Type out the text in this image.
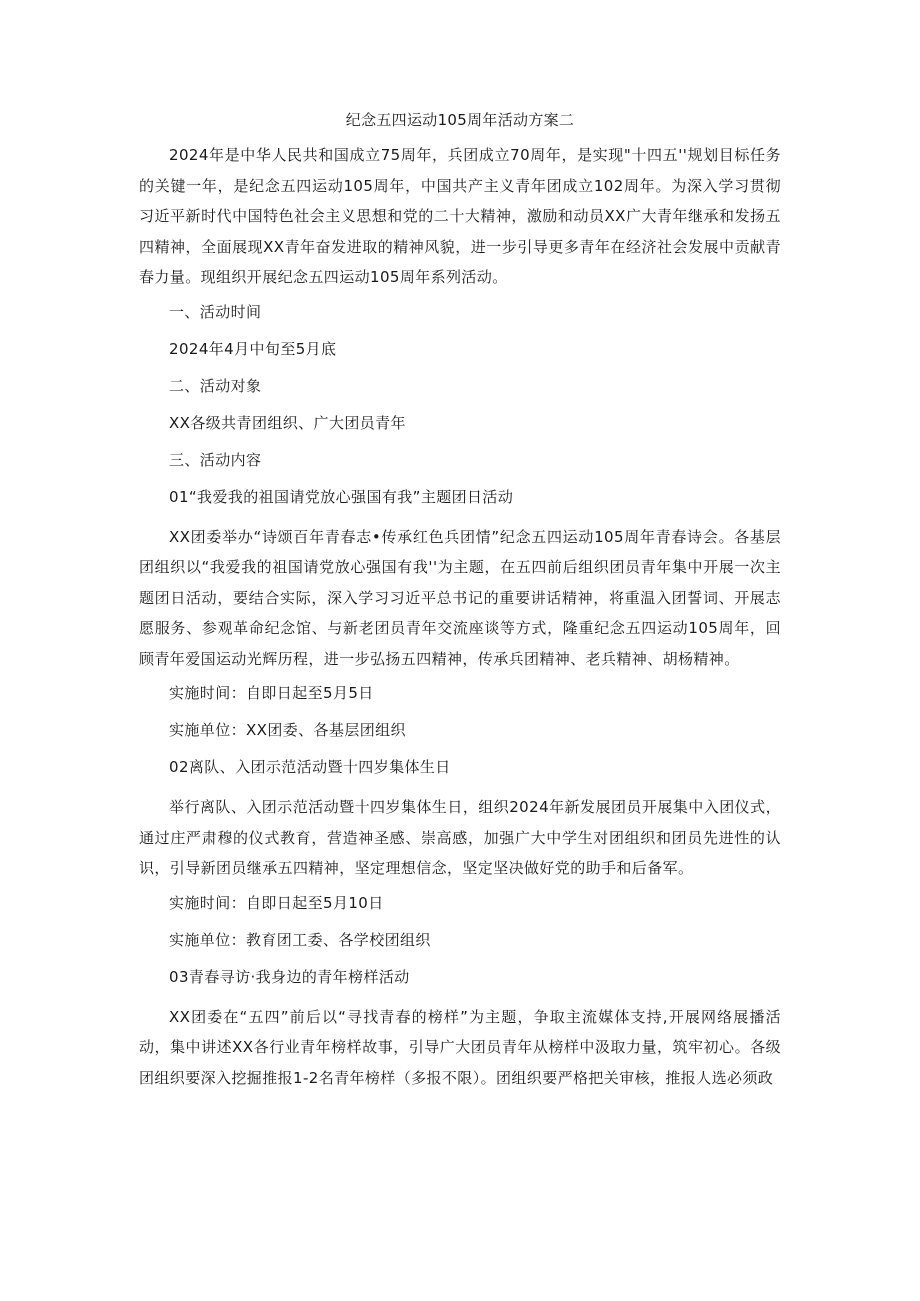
纪念五四运动105周年活动方案二
2024年是中华人民共和国成立75周年，兵团成立70周年，是实现"十四五''规划目标任务的关键一年，是纪念五四运动105周年，中国共产主义青年团成立102周年。为深入学习贯彻习近平新时代中国特色社会主义思想和党的二十大精神，激励和动员XX广大青年继承和发扬五四精神，全面展现XX青年奋发进取的精神风貌，进一步引导更多青年在经济社会发展中贡献青春力量。现组织开展纪念五四运动105周年系列活动。
一、活动时间
2024年4月中旬至5月底
二、活动对象
XX各级共青团组织、广大团员青年
三、活动内容
01“我爱我的祖国请党放心强国有我”主题团日活动
XX团委举办“诗颂百年青春志•传承红色兵团情”纪念五四运动105周年青春诗会。各基层团组织以“我爱我的祖国请党放心强国有我''为主题，在五四前后组织团员青年集中开展一次主题团日活动，要结合实际，深入学习习近平总书记的重要讲话精神，将重温入团誓词、开展志愿服务、参观革命纪念馆、与新老团员青年交流座谈等方式，隆重纪念五四运动105周年，回顾青年爱国运动光辉历程，进一步弘扬五四精神，传承兵团精神、老兵精神、胡杨精神。
实施时间：自即日起至5月5日
实施单位：XX团委、各基层团组织
02离队、入团示范活动暨十四岁集体生日
举行离队、入团示范活动暨十四岁集体生日，组织2024年新发展团员开展集中入团仪式，通过庄严肃穆的仪式教育，营造神圣感、崇高感，加强广大中学生对团组织和团员先进性的认识，引导新团员继承五四精神，坚定理想信念，坚定坚决做好党的助手和后备军。
实施时间：自即日起至5月10日
实施单位：教育团工委、各学校团组织
03青春寻访·我身边的青年榜样活动
XX团委在“五四”前后以“寻找青春的榜样”为主题，争取主流媒体支持,开展网络展播活动，集中讲述XX各行业青年榜样故事，引导广大团员青年从榜样中汲取力量，筑牢初心。各级团组织要深入挖掘推报1-2名青年榜样（多报不限）。团组织要严格把关审核，推报人选必须政
